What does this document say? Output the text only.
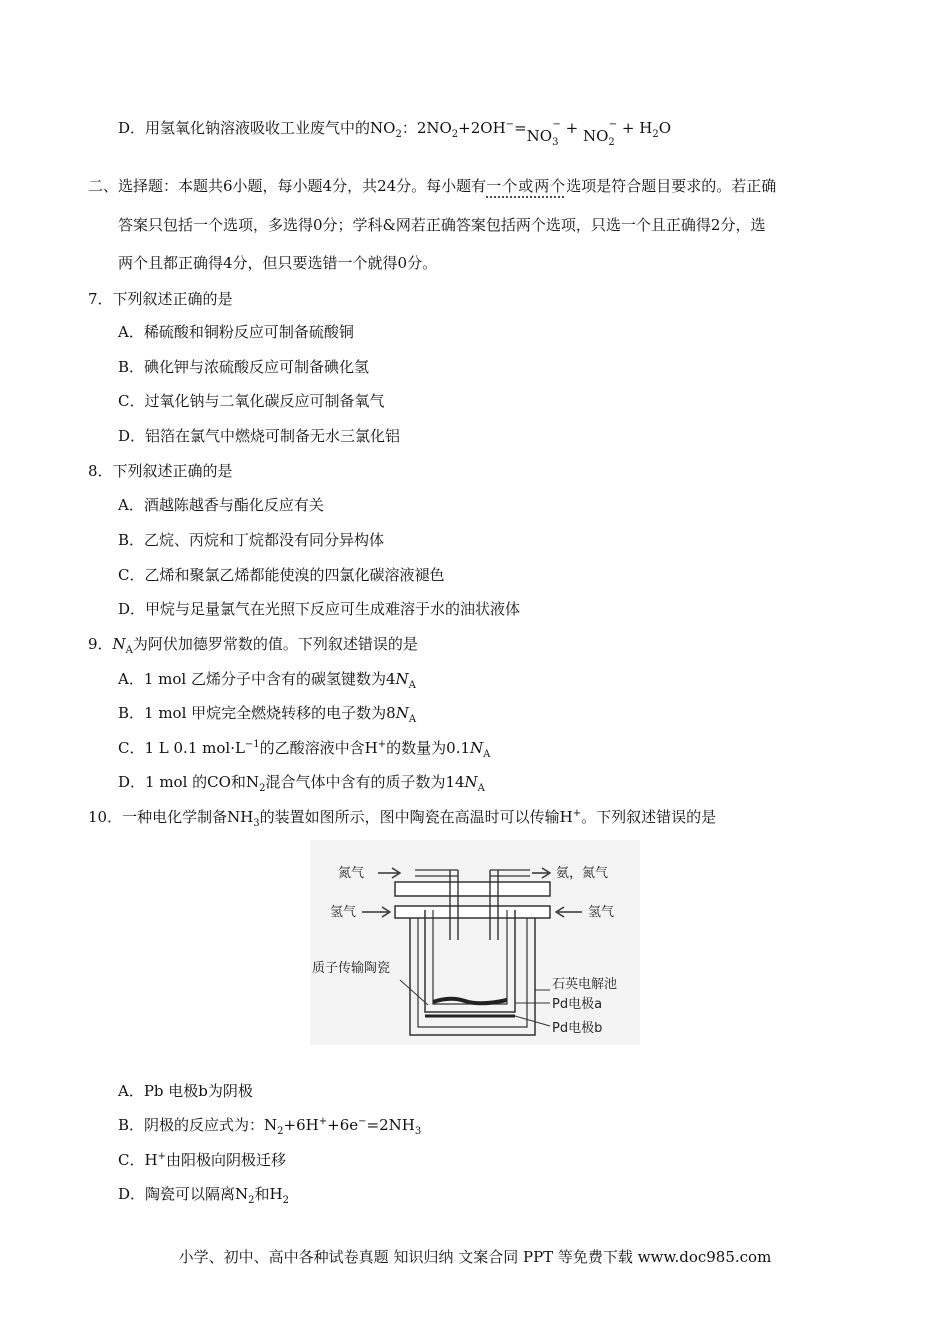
D．用氢氧化钠溶液吸收工业废气中的$NO_2$：$2NO_2+2OH^-=NO_3^- + NO_2^- + H_2O$
二、选择题：本题共6小题，每小题4分，共24分。每小题有一个或两个选项是符合题目要求的。若正确
答案只包括一个选项，多选得0分；学科&网若正确答案包括两个选项，只选一个且正确得2分，选
两个且都正确得4分，但只要选错一个就得0分。
7．下列叙述正确的是
A．稀硫酸和铜粉反应可制备硫酸铜
B．碘化钾与浓硫酸反应可制备碘化氢
C．过氧化钠与二氧化碳反应可制备氧气
D．铝箔在氯气中燃烧可制备无水三氯化铝
8．下列叙述正确的是
A．酒越陈越香与酯化反应有关
B．乙烷、丙烷和丁烷都没有同分异构体
C．乙烯和聚氯乙烯都能使溴的四氯化碳溶液褪色
D．甲烷与足量氯气在光照下反应可生成难溶于水的油状液体
9．$N_A$为阿伏加德罗常数的值。下列叙述错误的是
A．1 mol 乙烯分子中含有的碳氢键数为$4N_A$
B．1 mol 甲烷完全燃烧转移的电子数为$8N_A$
C．1 L 0.1 $mol\cdot L^{-1}$的乙酸溶液中含H+的数量为$0.1N_A$
D．1 mol 的CO和$N_2$混合气体中含有的质子数为$14N_A$
10．一种电化学制备$NH_3$的装置如图所示，图中陶瓷在高温时可以传输H+。下列叙述错误的是
氮气	氨，氮气
氢气	氢气
质子传输陶瓷
石英电解池
Pd电极a
Pd电极b
A．Pb 电极b为阴极
B．阴极的反应式为：$N_2+6H^++6e^-=2NH_3$
C．H+由阳极向阴极迁移
D．陶瓷可以隔离$N_2$和$H_2$
小学、初中、高中各种试卷真题 知识归纳 文案合同 PPT 等免费下载 www.doc985.com
